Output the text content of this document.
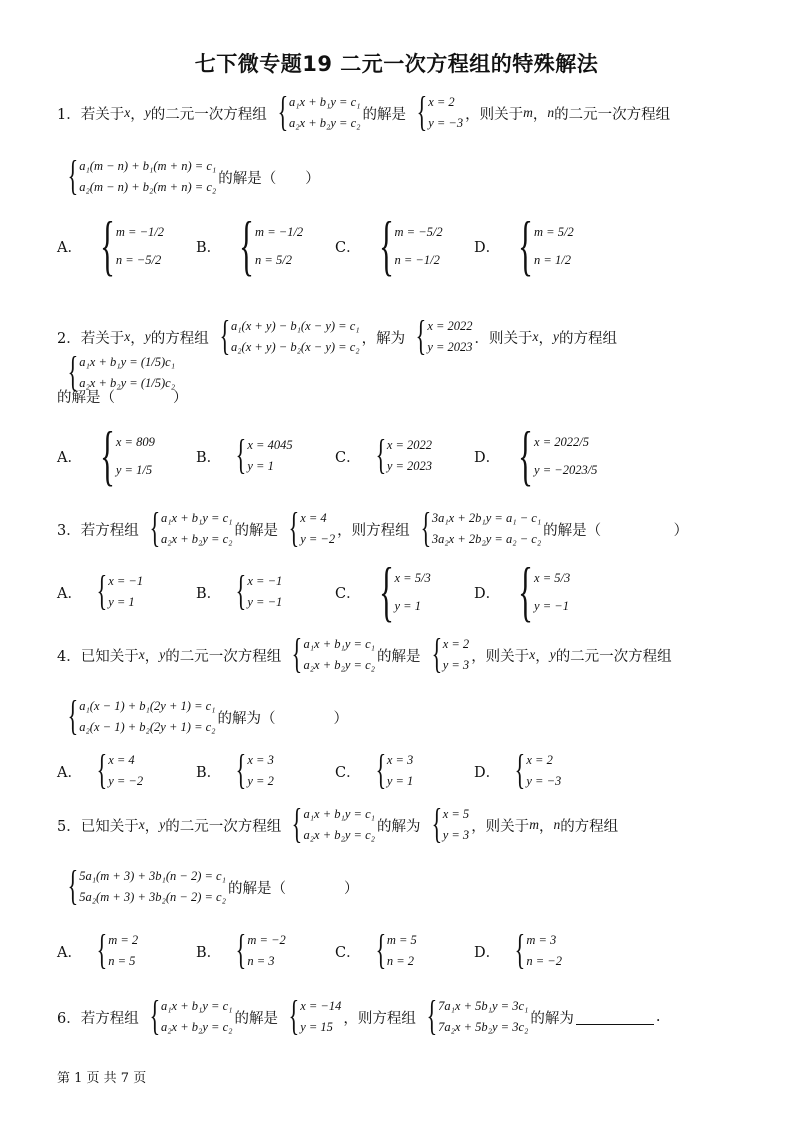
七下微专题19 二元一次方程组的特殊解法
1．若关于 x ， y 的二元一次方程组 { a₁x + b₁y = c₁
a₂x + b₂y = c₂
的解是 { x = 2
y = −3
，则关于 m ， n 的二元一次方程组
{ a₁(m − n) + b₁(m + n) = c₁
a₂(m − n) + b₂(m + n) = c₂
的解是（　　）
A． { m = −1/2
n = −5/2
B． { m = −1/2
n = 5/2
C． { m = −5/2
n = −1/2
D． { m = 5/2
n = 1/2
2．若关于 x ， y 的方程组 { a₁(x + y) − b₁(x − y) = c₁
a₂(x + y) − b₂(x − y) = c₂
，解为 { x = 2022
y = 2023
．则关于 x ， y 的方程组
{ a₁x + b₁y = (1/5)c₁
a₂x + b₂y = (1/5)c₂
的解是（　　　　）
A． { x = 809
y = 1/5
B． { x = 4045
y = 1
C． { x = 2022
y = 2023
D． { x = 2022/5
y = −2023/5
3．若方程组 { a₁x + b₁y = c₁
a₂x + b₂y = c₂
的解是 { x = 4
y = −2
，则方程组 { 3a₁x + 2b₁y = a₁ − c₁
3a₂x + 2b₂y = a₂ − c₂
的解是（　　　　　）
A． { x = −1
y = 1
B． { x = −1
y = −1
C． { x = 5/3
y = 1
D． { x = 5/3
y = −1
4．已知关于 x ， y 的二元一次方程组 { a₁x + b₁y = c₁
a₂x + b₂y = c₂
的解是 { x = 2
y = 3
，则关于 x ， y 的二元一次方程组
{ a₁(x − 1) + b₁(2y + 1) = c₁
a₂(x − 1) + b₂(2y + 1) = c₂
的解为（　　　　）
A． { x = 4
y = −2
B． { x = 3
y = 2
C． { x = 3
y = 1
D． { x = 2
y = −3
5．已知关于 x ， y 的二元一次方程组 { a₁x + b₁y = c₁
a₂x + b₂y = c₂
的解为 { x = 5
y = 3
，则关于 m ， n 的方程组
{ 5a₁(m + 3) + 3b₁(n − 2) = c₁
5a₂(m + 3) + 3b₂(n − 2) = c₂
的解是（　　　　）
A． { m = 2
n = 5
B． { m = −2
n = 3
C． { m = 5
n = 2
D． { m = 3
n = −2
6．若方程组 { a₁x + b₁y = c₁
a₂x + b₂y = c₂
的解是 { x = −14
y = 15
，则方程组 { 7a₁x + 5b₁y = 3c₁
7a₂x + 5b₂y = 3c₂
的解为	.
第 1 页 共 7 页
